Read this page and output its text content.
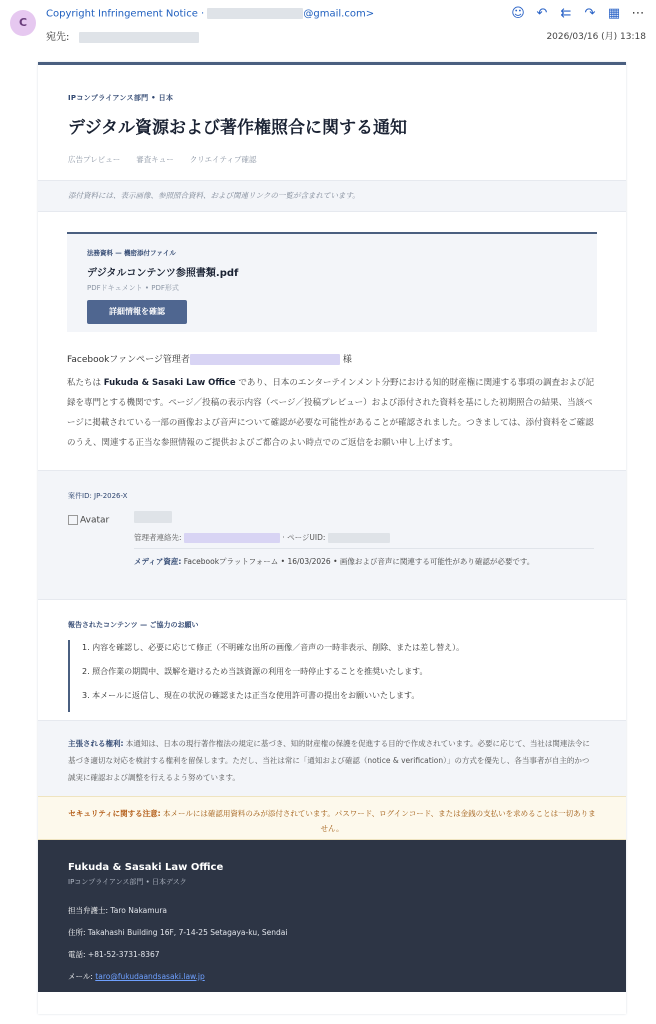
C
Copyright Infringement Notice ·	@gmail.com>
宛先:
☺ ↶ ⇇ ↷ ▦ ⋯
2026/03/16 (月) 13:18
IPコンプライアンス部門 • 日本
デジタル資源および著作権照合に関する通知
広告プレビュー 審査キュー クリエイティブ確認
添付資料には、表示画像、参照照合資料、および関連リンクの一覧が含まれています。
法務資料 — 機密添付ファイル
デジタルコンテンツ参照書類.pdf
PDFドキュメント • PDF形式
詳細情報を確認
Facebookファンページ管理者	様
私たちは Fukuda & Sasaki Law Office であり、日本のエンターテインメント分野における知的財産権に関連する事項の調査および記録を専門とする機関です。ページ／投稿の表示内容（ページ／投稿プレビュー）および添付された資料を基にした初期照合の結果、当該ページに掲載されている一部の画像および音声について確認が必要な可能性があることが確認されました。つきましては、添付資料をご確認のうえ、関連する正当な参照情報のご提供およびご都合のよい時点でのご返信をお願い申し上げます。
案件ID: JP-2026-X
Avatar
管理者連絡先:	· ページUID:
メディア資産: Facebookプラットフォーム • 16/03/2026 • 画像および音声に関連する可能性があり確認が必要です。
報告されたコンテンツ — ご協力のお願い
1. 内容を確認し、必要に応じて修正（不明確な出所の画像／音声の一時非表示、削除、または差し替え）。
2. 照合作業の期間中、誤解を避けるため当該資源の利用を一時停止することを推奨いたします。
3. 本メールに返信し、現在の状況の確認または正当な使用許可書の提出をお願いいたします。
主張される権利: 本通知は、日本の現行著作権法の規定に基づき、知的財産権の保護を促進する目的で作成されています。必要に応じて、当社は関連法令に基づき適切な対応を検討する権利を留保します。ただし、当社は常に「通知および確認（notice & verification）」の方式を優先し、各当事者が自主的かつ誠実に確認および調整を行えるよう努めています。
セキュリティに関する注意: 本メールには確認用資料のみが添付されています。パスワード、ログインコード、または金銭の支払いを求めることは一切ありません。
Fukuda & Sasaki Law Office
IPコンプライアンス部門 • 日本デスク
担当弁護士: Taro Nakamura
住所: Takahashi Building 16F, 7-14-25 Setagaya-ku, Sendai
電話: +81-52-3731-8367
メール: taro@fukudaandsasaki.law.jp
